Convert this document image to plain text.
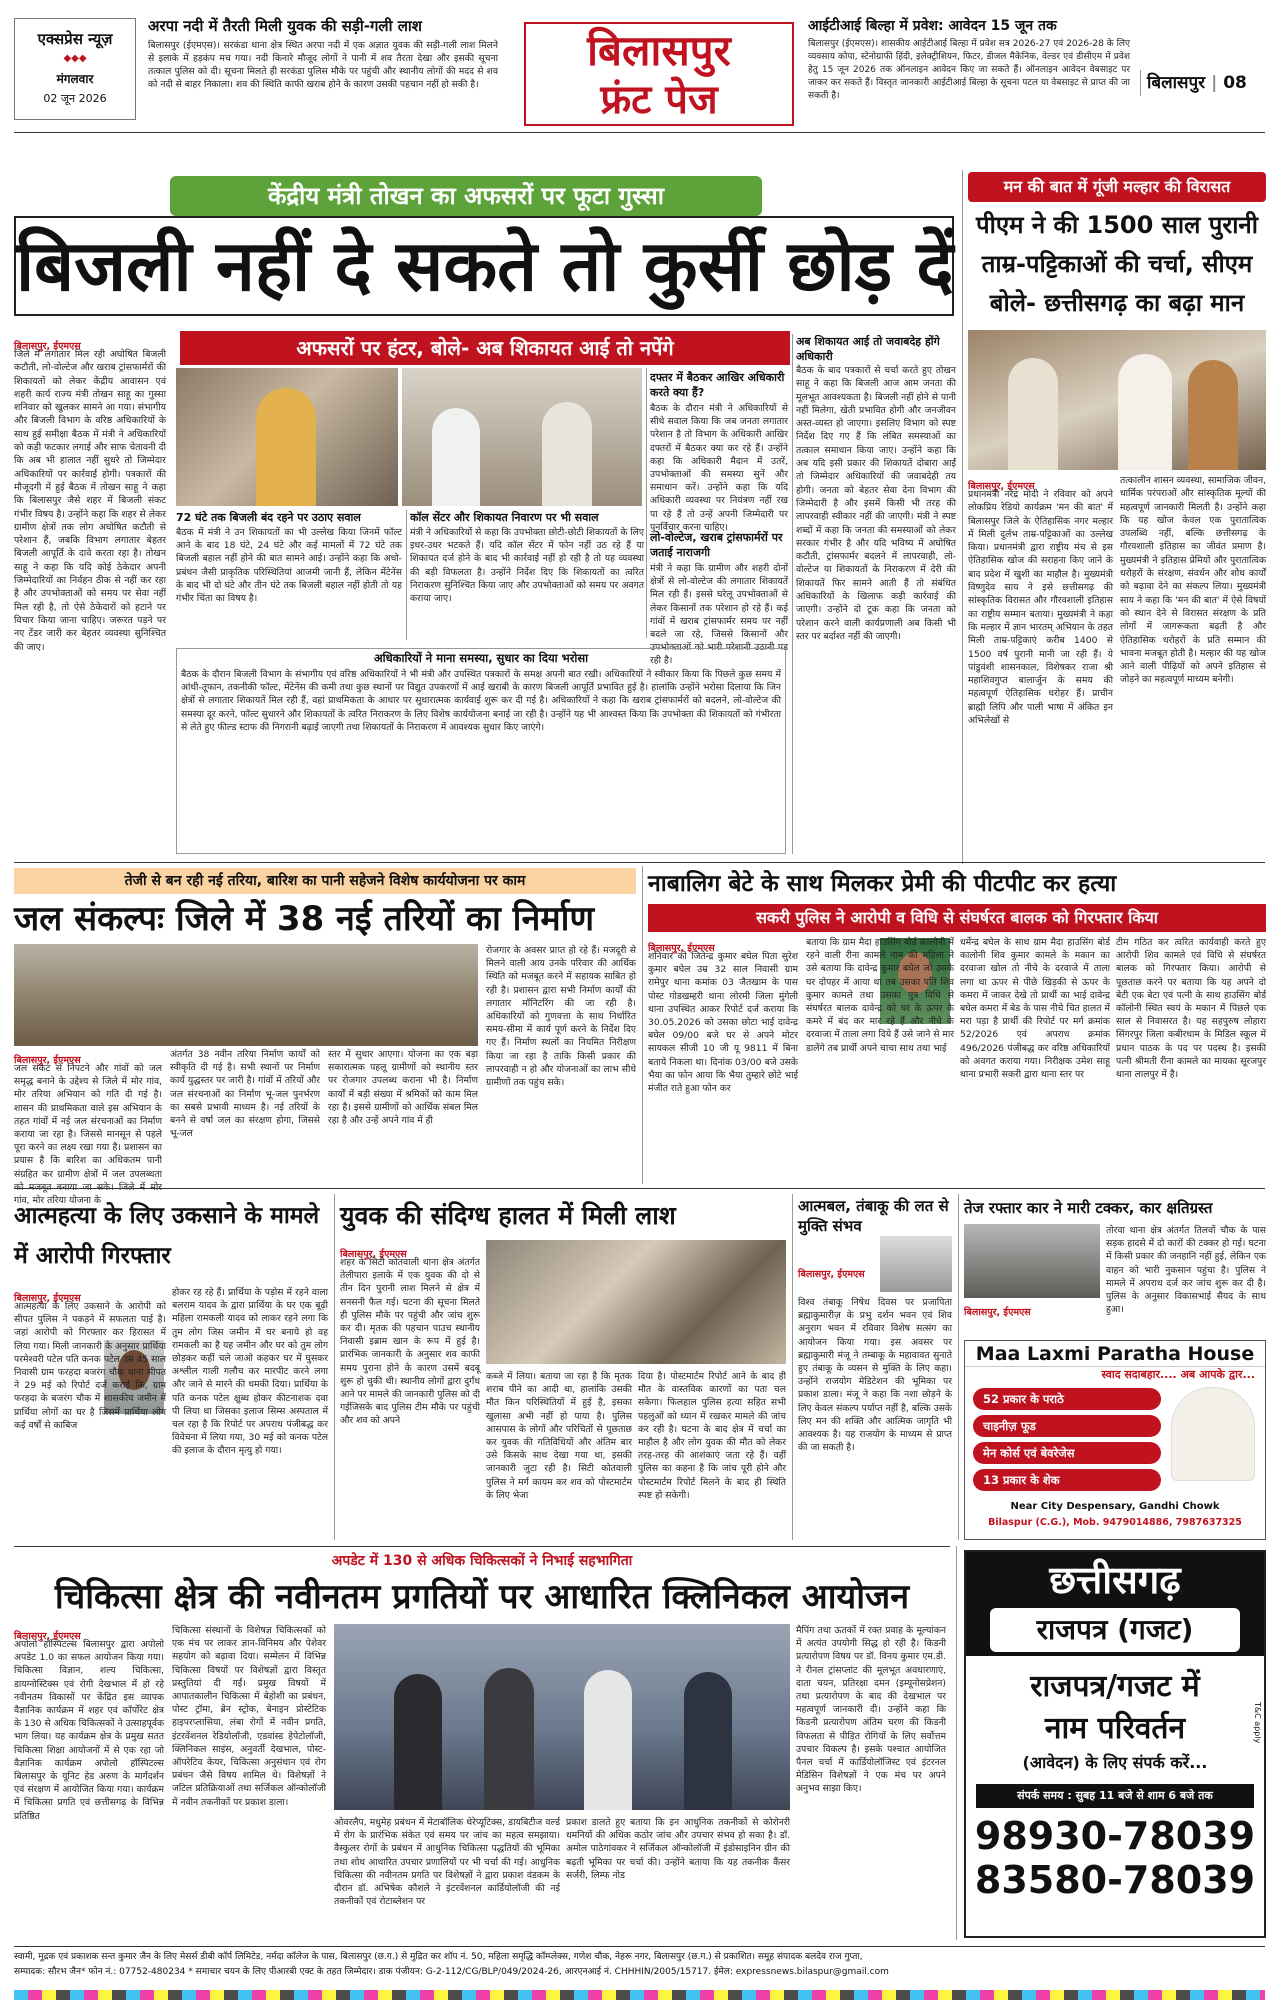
एक्सप्रेस न्यूज़
◆◆◆
मंगलवार
02 जून 2026
अरपा नदी में तैरती मिली युवक की सड़ी-गली लाश
बिलासपुर (ईएमएस)। सरकंडा थाना क्षेत्र स्थित अरपा नदी में एक अज्ञात युवक की सड़ी-गली लाश मिलने से इलाके में हड़कंप मच गया। नदी किनारे मौजूद लोगों ने पानी में शव तैरता देखा और इसकी सूचना तत्काल पुलिस को दी। सूचना मिलते ही सरकंडा पुलिस मौके पर पहुंची और स्थानीय लोगों की मदद से शव को नदी से बाहर निकाला। शव की स्थिति काफी खराब होने के कारण उसकी पहचान नहीं हो सकी है।
बिलासपुर
फ्रंट पेज
आईटीआई बिल्हा में प्रवेश: आवेदन 15 जून तक
बिलासपुर (ईएमएस)। शासकीय आईटीआई बिल्हा में प्रवेश सत्र 2026-27 एवं 2026-28 के लिए व्यवसाय कोपा, स्टेनोग्राफी हिंदी, इलेक्ट्रीशियन, फिटर, डीजल मैकेनिक, वेल्डर एवं डीसीएम में प्रवेश हेतु 15 जून 2026 तक ऑनलाइन आवेदन किए जा सकते हैं। ऑनलाइन आवेदन वेबसाइट पर जाकर कर सकते हैं। विस्तृत जानकारी आईटीआई बिल्हा के सूचना पटल या वेबसाइट से प्राप्त की जा सकती है।
बिलासपुर | 08
केंद्रीय मंत्री तोखन का अफसरों पर फूटा गुस्सा
बिजली नहीं दे सकते तो कुर्सी छोड़ दें
बिलासपुर, ईएमएस
जिले में लगातार मिल रही अघोषित बिजली कटौती, लो-वोल्टेज और खराब ट्रांसफार्मरों की शिकायतों को लेकर केंद्रीय आवासन एवं शहरी कार्य राज्य मंत्री तोखन साहू का गुस्सा शनिवार को खुलकर सामने आ गया। संभागीय और बिजली विभाग के वरिष्ठ अधिकारियों के साथ हुई समीक्षा बैठक में मंत्री ने अधिकारियों को कड़ी फटकार लगाई और साफ चेतावनी दी कि अब भी हालात नहीं सुधरे तो जिम्मेदार अधिकारियों पर कार्रवाई होगी। पत्रकारों की मौजूदगी में हुई बैठक में तोखन साहू ने कहा कि बिलासपुर जैसे शहर में बिजली संकट गंभीर विषय है। उन्होंने कहा कि शहर से लेकर ग्रामीण क्षेत्रों तक लोग अघोषित कटौती से परेशान हैं, जबकि विभाग लगातार बेहतर बिजली आपूर्ति के दावे करता रहा है। तोखन साहू ने कहा कि यदि कोई ठेकेदार अपनी जिम्मेदारियों का निर्वहन ठीक से नहीं कर रहा है और उपभोक्ताओं को समय पर सेवा नहीं मिल रही है, तो ऐसे ठेकेदारों को हटाने पर विचार किया जाना चाहिए। जरूरत पड़ने पर नए टेंडर जारी कर बेहतर व्यवस्था सुनिश्चित की जाए।
अफसरों पर हंटर, बोले- अब शिकायत आई तो नपेंगे
72 घंटे तक बिजली बंद रहने पर उठाए सवाल
बैठक में मंत्री ने उन शिकायतों का भी उल्लेख किया जिनमें फॉल्ट आने के बाद 18 घंटे, 24 घंटे और कई मामलों में 72 घंटे तक बिजली बहाल नहीं होने की बात सामने आई। उन्होंने कहा कि अधो-प्रबंधन जैसी प्राकृतिक परिस्थितियां आजमी जानी हैं, लेकिन मेंटेनेंस के बाद भी दो घंटे और तीन घंटे तक बिजली बहाल नहीं होती तो यह गंभीर चिंता का विषय है।
कॉल सेंटर और शिकायत निवारण पर भी सवाल
मंत्री ने अधिकारियों से कहा कि उपभोक्ता छोटी-छोटी शिकायतों के लिए इधर-उधर भटकते हैं। यदि कॉल सेंटर में फोन नहीं उठ रहे हैं या शिकायत दर्ज होने के बाद भी कार्रवाई नहीं हो रही है तो यह व्यवस्था की बड़ी विफलता है। उन्होंने निर्देश दिए कि शिकायतों का त्वरित निराकरण सुनिश्चित किया जाए और उपभोक्ताओं को समय पर अवगत कराया जाए।
दफ्तर में बैठकर आखिर अधिकारी करते क्या हैं?
बैठक के दौरान मंत्री ने अधिकारियों से सीधे सवाल किया कि जब जनता लगातार परेशान है तो विभाग के अधिकारी आखिर दफ्तरों में बैठकर क्या कर रहे हैं। उन्होंने कहा कि अधिकारी मैदान में उतरें, उपभोक्ताओं की समस्या सुनें और समाधान करें। उन्होंने कहा कि यदि अधिकारी व्यवस्था पर नियंत्रण नहीं रख पा रहे हैं तो उन्हें अपनी जिम्मेदारी पर पुनर्विचार करना चाहिए।
लो-वोल्टेज, खराब ट्रांसफार्मरों पर जताई नाराजगी
मंत्री ने कहा कि ग्रामीण और शहरी दोनों क्षेत्रों से लो-वोल्टेज की लगातार शिकायतें मिल रही हैं। इससे घरेलू उपभोक्ताओं से लेकर किसानों तक परेशान हो रहे हैं। कई गांवों में खराब ट्रांसफार्मर समय पर नहीं बदले जा रहे, जिससे किसानों और उपभोक्ताओं को भारी परेशानी उठानी पड़ रही है।
अब शिकायत आई तो जवाबदेह होंगे अधिकारी
बैठक के बाद पत्रकारों से चर्चा करते हुए तोखन साहू ने कहा कि बिजली आज आम जनता की मूलभूत आवश्यकता है। बिजली नहीं होने से पानी नहीं मिलेगा, खेती प्रभावित होगी और जनजीवन अस्त-व्यस्त हो जाएगा। इसलिए विभाग को स्पष्ट निर्देश दिए गए हैं कि लंबित समस्याओं का तत्काल समाधान किया जाए। उन्होंने कहा कि अब यदि इसी प्रकार की शिकायतें दोबारा आईं तो जिम्मेदार अधिकारियों की जवाबदेही तय होगी। जनता को बेहतर सेवा देना विभाग की जिम्मेदारी है और इसमें किसी भी तरह की लापरवाही स्वीकार नहीं की जाएगी। मंत्री ने स्पष्ट शब्दों में कहा कि जनता की समस्याओं को लेकर सरकार गंभीर है और यदि भविष्य में अघोषित कटौती, ट्रांसफार्मर बदलने में लापरवाही, लो-वोल्टेज या शिकायतों के निराकरण में देरी की शिकायतें फिर सामने आती हैं तो संबंधित अधिकारियों के खिलाफ कड़ी कार्रवाई की जाएगी। उन्होंने दो टूक कहा कि जनता को परेशान करने वाली कार्यप्रणाली अब किसी भी स्तर पर बर्दाश्त नहीं की जाएगी।
अधिकारियों ने माना समस्या, सुधार का दिया भरोसा
बैठक के दौरान बिजली विभाग के संभागीय एवं वरिष्ठ अधिकारियों ने भी मंत्री और उपस्थित पत्रकारों के समक्ष अपनी बात रखी। अधिकारियों ने स्वीकार किया कि पिछले कुछ समय में आंधी-तूफान, तकनीकी फॉल्ट, मेंटेनेंस की कमी तथा कुछ स्थानों पर विद्युत उपकरणों में आई खराबी के कारण बिजली आपूर्ति प्रभावित हुई है। हालांकि उन्होंने भरोसा दिलाया कि जिन क्षेत्रों से लगातार शिकायतें मिल रही हैं, वहां प्राथमिकता के आधार पर सुधारात्मक कार्यवाई शुरू कर दी गई है। अधिकारियों ने कहा कि खराब ट्रांसफार्मरों को बदलने, लो-वोल्टेज की समस्या दूर करने, फॉल्ट सुधारने और शिकायतों के त्वरित निराकरण के लिए विशेष कार्ययोजना बनाई जा रही है। उन्होंने यह भी आश्वस्त किया कि उपभोक्ता की शिकायतों को गंभीरता से लेते हुए फील्ड स्टाफ की निगरानी बढ़ाई जाएगी तथा शिकायतों के निराकरण में आवश्यक सुधार किए जाएंगे।
मन की बात में गूंजी मल्हार की विरासत
पीएम ने की 1500 साल पुरानी ताम्र-पट्टिकाओं की चर्चा, सीएम बोले- छत्तीसगढ़ का बढ़ा मान
बिलासपुर, ईएमएस
प्रधानमंत्री नरेंद्र मोदी ने रविवार को अपने लोकप्रिय रेडियो कार्यक्रम 'मन की बात' में बिलासपुर जिले के ऐतिहासिक नगर मल्हार में मिली दुर्लभ ताम्र-पट्टिकाओं का उल्लेख किया। प्रधानमंत्री द्वारा राष्ट्रीय मंच से इस ऐतिहासिक खोज की सराहना किए जाने के बाद प्रदेश में खुशी का माहौल है। मुख्यमंत्री विष्णुदेव साय ने इसे छत्तीसगढ़ की सांस्कृतिक विरासत और गौरवशाली इतिहास का राष्ट्रीय सम्मान बताया। मुख्यमंत्री ने कहा कि मल्हार में ज्ञान भारतम् अभियान के तहत मिली ताम्र-पट्टिकाएं करीब 1400 से 1500 वर्ष पुरानी मानी जा रही हैं। ये पांडुवंशी शासनकाल, विशेषकर राजा श्री महाशिवगुप्त बालार्जुन के समय की महत्वपूर्ण ऐतिहासिक धरोहर हैं। प्राचीन ब्राह्मी लिपि और पाली भाषा में अंकित इन अभिलेखों से
तत्कालीन शासन व्यवस्था, सामाजिक जीवन, धार्मिक परंपराओं और सांस्कृतिक मूल्यों की महत्वपूर्ण जानकारी मिलती है। उन्होंने कहा कि यह खोज केवल एक पुरातात्विक उपलब्धि नहीं, बल्कि छत्तीसगढ़ के गौरवशाली इतिहास का जीवंत प्रमाण है। मुख्यमंत्री ने इतिहास प्रेमियों और पुरातात्विक धरोहरों के संरक्षण, संवर्धन और शोध कार्यों को बढ़ावा देने का संकल्प लिया। मुख्यमंत्री साय ने कहा कि 'मन की बात' में ऐसे विषयों को स्थान देने से विरासत संरक्षण के प्रति लोगों में जागरूकता बढ़ती है और ऐतिहासिक धरोहरों के प्रति सम्मान की भावना मजबूत होती है। मल्हार की यह खोज आने वाली पीढ़ियों को अपने इतिहास से जोड़ने का महत्वपूर्ण माध्यम बनेगी।
तेजी से बन रही नई तरिया, बारिश का पानी सहेजने विशेष कार्ययोजना पर काम
जल संकल्पः जिले में 38 नई तरियों का निर्माण
बिलासपुर, ईएमएस
जल संकट से निपटने और गांवों को जल समृद्ध बनाने के उद्देश्य से जिले में मोर गांव, मोर तरिया अभियान को गति दी गई है। शासन की प्राथमिकता वाले इस अभियान के तहत गांवों में नई जल संरचनाओं का निर्माण कराया जा रहा है। जिससे मानसून से पहले पूरा करने का लक्ष्य रखा गया है। प्रशासन का प्रयास है कि बारिश का अधिकतम पानी संग्रहित कर ग्रामीण क्षेत्रों में जल उपलब्धता गांव, मोर तरिया योजना के
अंतर्गत 38 नवीन तरिया निर्माण कार्यों को स्वीकृति दी गई है। सभी स्थानों पर निर्माण कार्य युद्धस्तर पर जारी है। गांवों में तरियों और जल संरचनाओं का निर्माण भू-जल पुनर्भरण का सबसे प्रभावी माध्यम है। नई तरियों के बनने से वर्षा जल का संरक्षण होगा, जिससे भू-जल
स्तर में सुधार आएगा। योजना का एक बड़ा सकारात्मक पहलू ग्रामीणों को स्थानीय स्तर पर रोजगार उपलब्ध कराना भी है। निर्माण कार्यों में बड़ी संख्या में श्रमिकों को काम मिल रहा है। इससे ग्रामीणों को आर्थिक संबल मिल रहा है और उन्हें अपने गांव में ही
रोजगार के अवसर प्राप्त हो रहे हैं। मजदूरी से मिलने वाली आय उनके परिवार की आर्थिक स्थिति को मजबूत करने में सहायक साबित हो रही है। प्रशासन द्वारा सभी निर्माण कार्यों की लगातार मॉनिटरिंग की जा रही है। अधिकारियों को गुणवत्ता के साथ निर्धारित समय-सीमा में कार्य पूर्ण करने के निर्देश दिए गए हैं। निर्माण स्थलों का नियमित निरीक्षण किया जा रहा है ताकि किसी प्रकार की लापरवाही न हो और योजनाओं का लाभ सीधे ग्रामीणों तक पहुंच सके।
नाबालिग बेटे के साथ मिलकर प्रेमी की पीटपीट कर हत्या
सकरी पुलिस ने आरोपी व विधि से संघर्षरत बालक को गिरफ्तार किया
बिलासपुर, ईएमएस
शनिवार को जितेन्द्र कुमार बघेल पिता सुरेश कुमार बघेल उम्र 32 साल निवासी ग्राम रामेपुर थाना कमांक 03 जैतखाम के पास पोस्ट गोडखम्हरी थाना लोरमी जिला मुंगेली थाना उपस्थित आकर रिपोर्ट दर्ज कराया कि 30.05.2026 को उसका छोटा भाई दावेन्द्र बघेल 09/00 बजे घर से अपने मोटर सायकल सीजी 10 जी यू 9811 में बिना बताये निकला था। दिनांक 03/00 बजे उसके भैया का फोन आया कि भैया तुम्हारे छोटे भाई मंजीत राते हुआ फोन कर
बताया कि ग्राम मैदा हाउसिंग बोर्ड कालोनी में रहने वाली रीना कामले नाम की महिला ने उसे बताया कि दावेन्द्र कुमार बघेल जो उसके घर दोपहर में आया था तब उसका पति शिव कुमार कामले तथा उसका पुत्र विधि से संघर्षरत बालक दावेन्द्र को घर के ऊपर के कमरे में बंद कर मार रहे हैं और नीचे के दरवाजा में ताला लगा दिये हैं उसे जाने से मार डालेंगे तब प्रार्थी अपने चाचा साथ तथा भाई
धर्मेन्द्र बघेल के साथ ग्राम मैदा हाउसिंग बोर्ड कालोनी शिव कुमार कामले के मकान का दरवाजा खोल तो नीचे के दरवाजे में ताला लगा था ऊपर से पीछे खिड़की से ऊपर के कमरा में जाकर देखे तो प्रार्थी का भाई दावेन्द्र बघेल कमरा में बेड के पास नीचे चित हालत में मरा पड़ा है प्रार्थी की रिपोर्ट पर मर्ग क्रमांक 52/2026 एवं अपराध क्रमांक 496/2026 पंजीबद्ध कर वरिष्ठ अधिकारियों को अवगत कराया गया। निरीक्षक उमेश साहू थाना प्रभारी सकरी द्वारा थाना स्तर पर
टीम गठित कर त्वरित कार्यवाही करते हुए आरोपी शिव कामले एवं विधि से संघर्षरत बालक को गिरफ्तार किया। आरोपी से पूछताछ करने पर बताया कि यह अपने दो बेटी एक बेटा एवं पत्नी के साथ हाउसिंग बोर्ड कॉलोनी स्थित स्वयं के मकान में पिछले एक साल से निवासरत है। यह सहपुरुष लोहारा सिंगरपुर जिला कबीरधाम के मिडिल स्कूल में प्रधान पाठक के पद पर पदस्थ है। इसकी पत्नी श्रीमती रीना कामले का मायका सूरजपुर थाना लालपुर में है।
आत्महत्या के लिए उकसाने के मामले में आरोपी गिरफ्तार
बिलासपुर, ईएमएस
आत्महत्या के लिए उकसाने के आरोपी को सीपत पुलिस ने पकड़ने में सफलता पाई है। जहां आरोपी को गिरफ्तार कर हिरासत में लिया गया। मिली जानकारी के अनुसार प्रार्थिया परमेश्वरी पटेल पति कनक पटेल उम्र 45 साल निवासी ग्राम फरहदा बजरंग चौक थाना सीपत ने 29 मई को रिपोर्ट दर्ज कराई कि, ग्राम फरहदा के बजरंग चौक में शासकीय जमीन में प्रार्थिया लोगों का घर है जिसमें प्रार्थिया लोग कई वर्षों से काबिज
होकर रह रहे हैं। प्रार्थिया के पड़ोस में रहने वाला बलराम यादव के द्वारा प्रार्थिया के घर एक बूढ़ी महिला रामकली यादव को लाकर रहने लगा कि तुम लोग जिस जमीन में घर बनाये हो वह रामकली का है यह जमीन और घर को तुम लोग छोड़कर कहीं चले जाओ कहकर घर में घुसकर अश्लील गाली गलौच कर मारपीट करने लगा और जाने से मारने की धमकी दिया। प्रार्थिया के पति कनक पटेल क्षुब्ध होकर कीटनाशक दवा पी लिया था जिसका इलाज सिम्स अस्पताल में चल रहा है कि रिपोर्ट पर अपराध पंजीबद्ध कर विवेचना में लिया गया, 30 मई को कनक पटेल की इलाज के दौरान मृत्यु हो गया।
युवक की संदिग्ध हालत में मिली लाश
बिलासपुर, ईएमएस
शहर के सिटी कोतवाली थाना क्षेत्र अंतर्गत तेलीपारा इलाके में एक युवक की दो से तीन दिन पुरानी लाश मिलने से क्षेत्र में सनसनी फैल गई। घटना की सूचना मिलते ही पुलिस मौके पर पहुंची और जांच शुरू कर दी। मृतक की पहचान पाउच स्थानीय निवासी इब्राम खान के रूप में हुई है। प्रारंभिक जानकारी के अनुसार शव काफी समय पुराना होने के कारण उसमें बदबू शुरू हो चुकी थी। स्थानीय लोगों द्वारा दुर्गंध आने पर मामले की जानकारी पुलिस को दी गईजिसके बाद पुलिस टीम मौके पर पहुंची और शव को अपने
कब्जे में लिया। बताया जा रहा है कि मृतक शराब पीने का आदी था, हालांकि उसकी मौत किन परिस्थितियों में हुई है, इसका खुलासा अभी नहीं हो पाया है। पुलिस आसपास के लोगों और परिचितों से पूछताछ कर युवक की गतिविधियों और अंतिम बार उसे किसके साथ देखा गया था, इसकी जानकारी जुटा रही है। सिटी कोतवाली पुलिस ने मर्ग कायम कर शव को पोस्टमार्टम के लिए भेजा
दिया है। पोस्टमार्टम रिपोर्ट आने के बाद ही मौत के वास्तविक कारणों का पता चल सकेगा। फिलहाल पुलिस हत्या सहित सभी पहलुओं को ध्यान में रखकर मामले की जांच कर रही है। घटना के बाद क्षेत्र में चर्चा का माहौल है और लोग युवक की मौत को लेकर तरह-तरह की आशंकाएं जता रहे हैं। वहीं पुलिस का कहना है कि जांच पूरी होने और पोस्टमार्टम रिपोर्ट मिलने के बाद ही स्थिति स्पष्ट हो सकेगी।
आत्मबल, तंबाकू की लत से मुक्ति संभव
बिलासपुर, ईएमएस
विश्व तंबाकू निषेध दिवस पर प्रजापिता ब्रह्माकुमारीज़ के प्रभु दर्शन भवन एवं शिव अनुराग भवन में रविवार विशेष सत्संग का आयोजन किया गया। इस अवसर पर ब्रह्माकुमारी मंजू ने तम्बाकू के महावावत सुनाते हुए तंबाकू के व्यसन से मुक्ति के लिए कहा। उन्होंने राजयोग मेडिटेशन की भूमिका पर प्रकाश डाला। मंजू ने कहा कि नशा छोड़ने के लिए केवल संकल्प पर्याप्त नहीं है, बल्कि उसके लिए मन की शक्ति और आत्मिक जागृति भी आवश्यक है। यह राजयोग के माध्यम से प्राप्त की जा सकती है।
तेज रफ्तार कार ने मारी टक्कर, कार क्षतिग्रस्त
बिलासपुर, ईएमएस
तोरवा थाना क्षेत्र अंतर्गत तिलवों चौक के पास सड़क हादसे में दो कारों की टक्कर हो गई। घटना में किसी प्रकार की जनहानि नहीं हुई, लेकिन एक वाहन को भारी नुकसान पहुंचा है। पुलिस ने मामले में अपराध दर्ज कर जांच शुरू कर दी है। पुलिस के अनुसार विकासभाई सैयद के साथ हुआ।
Maa Laxmi Paratha House
स्वाद सदाबहार.... अब आपके द्वार...
52 प्रकार के पराठे
चाइनीज़ फूड
मेन कोर्स एवं बेवरेजेस
13 प्रकार के शेक
Near City Despensary, Gandhi Chowk
Bilaspur (C.G.), Mob. 9479014886, 7987637325
अपडेट में 130 से अधिक चिकित्सकों ने निभाई सहभागिता
चिकित्सा क्षेत्र की नवीनतम प्रगतियों पर आधारित क्लिनिकल आयोजन
बिलासपुर, ईएमएस
अपोलो हॉस्पिटल्स बिलासपुर द्वारा अपोलो अपडेट 1.0 का सफल आयोजन किया गया। चिकित्सा विज्ञान, शल्य चिकित्सा, डायग्नोस्टिक्स एवं रोगी देखभाल में हो रहे नवीनतम विकासों पर केंद्रित इस व्यापक वैज्ञानिक कार्यक्रम में शहर एवं कॉर्पोरेट क्षेत्र के 130 से अधिक चिकित्सकों ने उत्साहपूर्वक भाग लिया। यह कार्यक्रम क्षेत्र के प्रमुख सतत चिकित्सा शिक्षा आयोजनों में से एक रहा जो वैज्ञानिक कार्यक्रम अपोलो हॉस्पिटल्स बिलासपुर के यूनिट हेड अरुण के मार्गदर्शन एवं संरक्षण में आयोजित किया गया। कार्यक्रम में चिकित्सा प्रगति एवं छत्तीसगढ़ के विभिन्न प्रतिष्ठित
चिकित्सा संस्थानों के विशेषज्ञ चिकित्सकों को एक मंच पर लाकर ज्ञान-विनिमय और पेशेवर सहयोग को बढ़ावा दिया। सम्मेलन में विभिन्न चिकित्सा विषयों पर विशेषज्ञों द्वारा विस्तृत प्रस्तुतियां दी गईं। प्रमुख विषयों में आपातकालीन चिकित्सा में बेहोशी का प्रबंधन, पोस्ट ट्रॉमा, ब्रेन स्ट्रोक, बेनाइन प्रोस्टेटिक हाइपरप्लासिया, लंबा रोगों में नवीन प्रगति, इंटरवेंशनल रेडियोलॉजी, एडवांस्ड हेपेटोलॉजी, क्लिनिकल साइंस, अनुवर्ती देखभाल, पोस्ट-ऑपरेटिव केयर, चिकित्सा अनुसंधान एवं रोग प्रबंधन जैसे विषय शामिल थे। विशेषज्ञों ने जटिल प्रतिक्रियाओं तथा सर्जिकल ऑन्कोलॉजी में नवीन तकनीकों पर प्रकाश डाला।
ओवरलैप, मधुमेह प्रबंधन में मेटाबॉलिक थेरेप्यूटिक्स, डायबिटीज वर्ल्ड में रोग के प्रारंभिक संकेत एवं समय पर जांच का महत्व समझाया। वैस्कुलर रोगों के प्रबंधन में आधुनिक चिकित्सा पद्धतियों की भूमिका तथा शोध आधारित उपचार प्रणालियों पर भी चर्चा की गई। आधुनिक चिकित्सा की नवीनतम प्रगति पर विशेषज्ञों ने द्वारा प्रकाश वंडकम के दौरान डॉ. अभिषेक कौशले ने इंटरवेंशनल कार्डियोलॉजी की नई तकनीकों एवं रोटाब्लेशन पर
प्रकाश डालते हुए बताया कि इन आधुनिक तकनीकों से कोरोनरी धमनियों की अधिक कठोर जांच और उपचार संभव हो सका है। डॉ. अमोल पाठेगांवकर ने सर्जिकल ऑन्कोलॉजी में इंडोसाइनिन ग्रीन की बढ़ती भूमिका पर चर्चा की। उन्होंने बताया कि यह तकनीक कैंसर सर्जरी, लिम्फ नोड
मैपिंग तथा ऊतकों में रक्त प्रवाह के मूल्यांकन में अत्यंत उपयोगी सिद्ध हो रही है। किडनी प्रत्यारोपण विषय पर डॉ. विनय कुमार एम.डी. ने रीनल ट्रांसप्लांट की मूलभूत अवधारणाएं, दाता चयन, प्रतिरक्षा दमन (इम्यूनोसप्रेशन) तथा प्रत्यारोपण के बाद की देखभाल पर महत्वपूर्ण जानकारी दी। उन्होंने कहा कि किडनी प्रत्यारोपण अंतिम चरण की किडनी विफलता से पीड़ित रोगियों के लिए सर्वोत्तम उपचार विकल्प है। इसके पश्चात आयोजित पैनल चर्चा में कार्डियोलॉजिस्ट एवं इंटरनल मेडिसिन विशेषज्ञों ने एक मंच पर अपने अनुभव साझा किए।
छत्तीसगढ़
राजपत्र (गजट)
राजपत्र/गजट में
नाम परिवर्तन
(आवेदन) के लिए संपर्क करें...
T&C apply
संपर्क समय : सुबह 11 बजे से शाम 6 बजे तक
98930-78039
83580-78039
स्वामी, मुद्रक एवं प्रकाशक सन्त कुमार जैन के लिए मेसर्स डीबी कॉर्प लिमिटेड, नर्मदा कॉलेज के पास, बिलासपुर (छ.ग.) से मुद्रित कर शॉप नं. 50, महिला समृद्धि कॉम्प्लेक्स, गणेश चौक, नेहरू नगर, बिलासपुर (छ.ग.) से प्रकाशित। समूह संपादक बलदेव राज गुप्ता,
सम्पादक: सौरभ जैन* फोन नं.: 07752-480234 * समाचार चयन के लिए पीआरबी एक्ट के तहत जिम्मेदार। डाक पंजीयन: G-2-112/CG/BLP/049/2024-26, आरएनआई नं. CHHHIN/2005/15717. ईमेल: expressnews.bilaspur@gmail.com
